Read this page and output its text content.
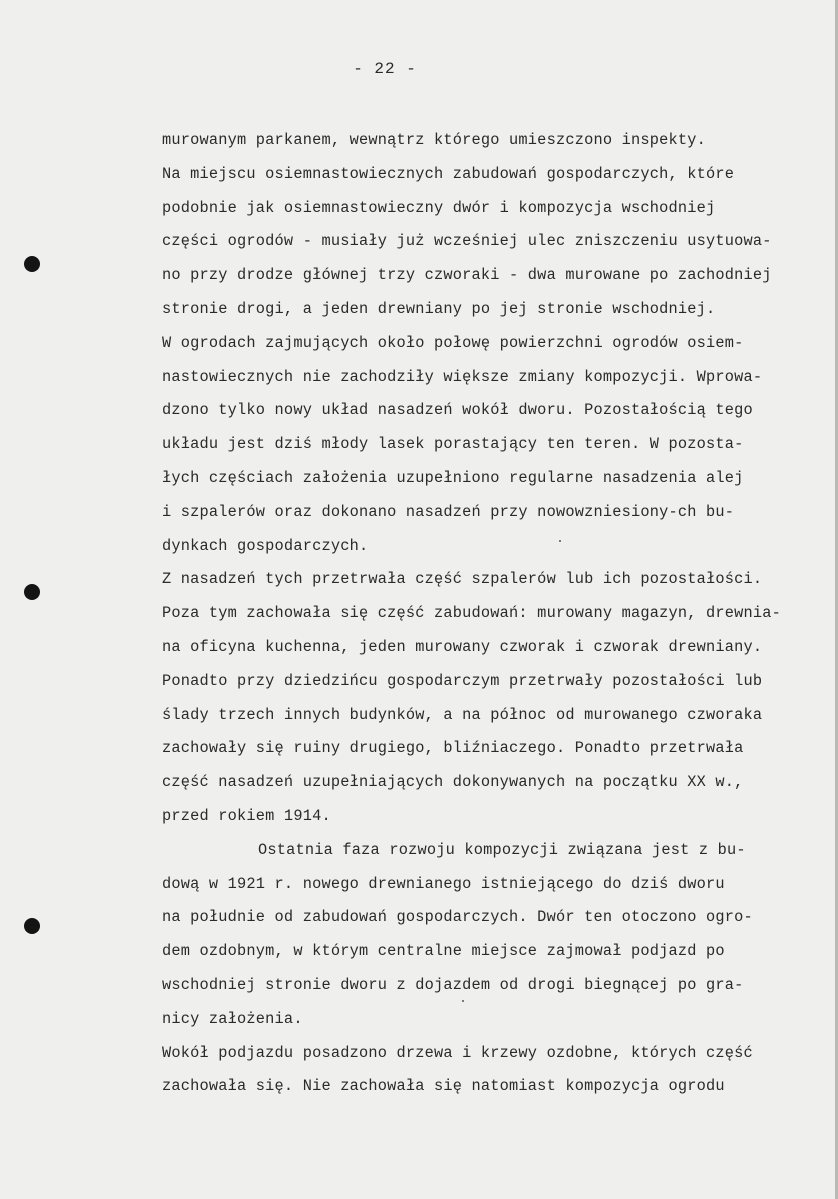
- 22 -
murowanym parkanem, wewnątrz którego umieszczono inspekty.
Na miejscu osiemnastowiecznych zabudowań gospodarczych, które
podobnie jak osiemnastowieczny dwór i kompozycja wschodniej
części ogrodów - musiały już wcześniej ulec zniszczeniu usytuowa-
no przy drodze głównej trzy czworaki - dwa murowane po zachodniej
stronie drogi, a jeden drewniany po jej stronie wschodniej.
W ogrodach zajmujących około połowę powierzchni ogrodów osiem-
nastowiecznych nie zachodziły większe zmiany kompozycji. Wprowa-
dzono tylko nowy układ nasadzeń wokół dworu. Pozostałością tego
układu jest dziś młody lasek porastający ten teren. W pozosta-
łych częściach założenia uzupełniono regularne nasadzenia alej
i szpalerów oraz dokonano nasadzeń przy nowowzniesiony-ch bu-
dynkach gospodarczych.
Z nasadzeń tych przetrwała część szpalerów lub ich pozostałości.
Poza tym zachowała się część zabudowań: murowany magazyn, drewnia-
na oficyna kuchenna, jeden murowany czworak i czworak drewniany.
Ponadto przy dziedzińcu gospodarczym przetrwały pozostałości lub
ślady trzech innych budynków, a na północ od murowanego czworaka
zachowały się ruiny drugiego, bliźniaczego. Ponadto przetrwała
część nasadzeń uzupełniających dokonywanych na początku XX w.,
przed rokiem 1914.
Ostatnia faza rozwoju kompozycji związana jest z bu-
dową w 1921 r. nowego drewnianego istniejącego do dziś dworu
na południe od zabudowań gospodarczych. Dwór ten otoczono ogro-
dem ozdobnym, w którym centralne miejsce zajmował podjazd po
wschodniej stronie dworu z dojazdem od drogi biegnącej po gra-
nicy założenia.
Wokół podjazdu posadzono drzewa i krzewy ozdobne, których część
zachowała się. Nie zachowała się natomiast kompozycja ogrodu
